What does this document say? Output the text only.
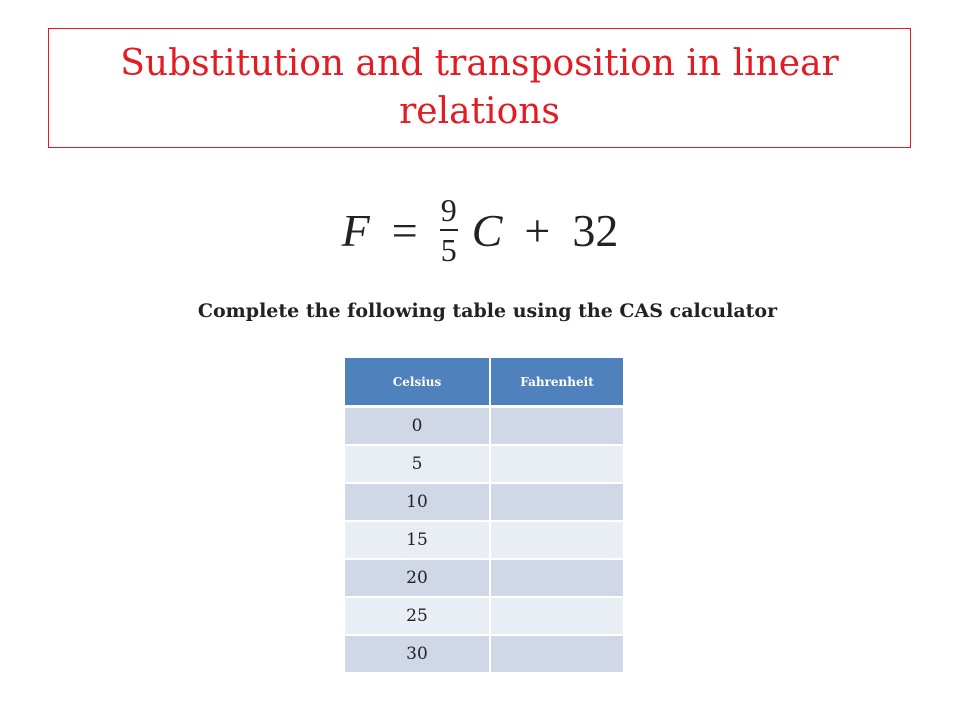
Substitution and transposition in linear relations
$F = \frac{9}{5}$ C + 32
Complete the following table using the CAS calculator
Celsius	Fahrenheit
0	
5	
10	
15	
20	
25	
30	
